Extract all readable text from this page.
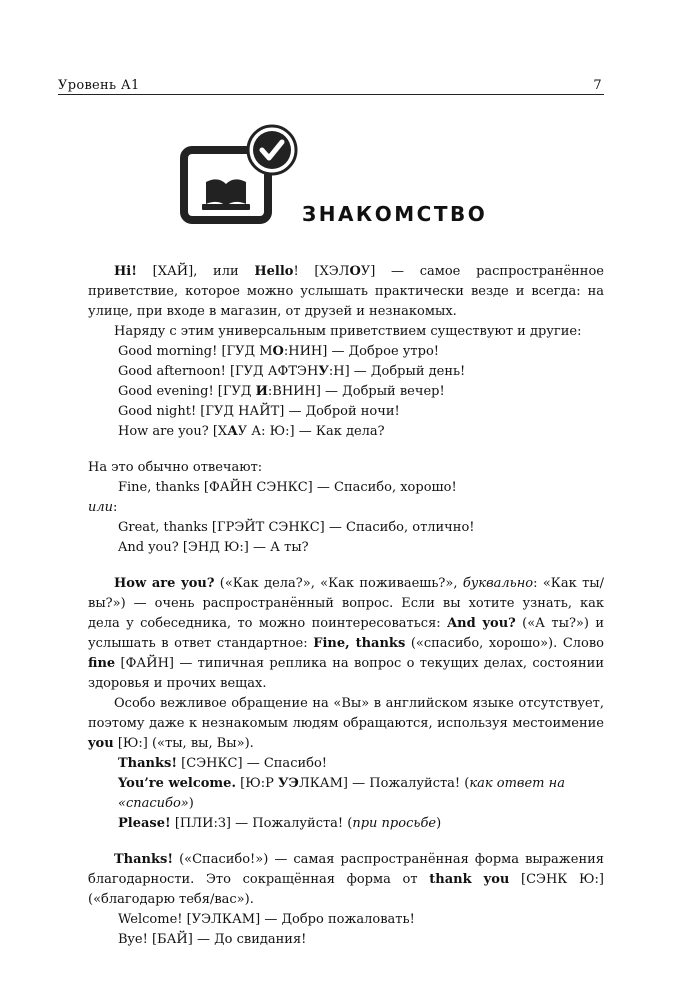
Уровень А1	7
ЗНАКОМСТВО

Hi! [ХАЙ], или Hello! [ХЭЛОУ] — самое распространённое приветствие, которое можно услышать практически везде и всегда: на улице, при входе в магазин, от друзей и незнакомых.

Наряду с этим универсальным приветствием существуют и другие:

Good morning! [ГУД МО:НИН] — Доброе утро!

Good afternoon! [ГУД АФТЭНУ:Н] — Добрый день!

Good evening! [ГУД И:ВНИН] — Добрый вечер!

Good night! [ГУД НАЙТ] — Доброй ночи!

How are you? [ХАУ А: Ю:] — Как дела?

На это обычно отвечают:

Fine, thanks [ФАЙН СЭНКС] — Спасибо, хорошо!

или:

Great, thanks [ГРЭЙТ СЭНКС] — Спасибо, отлично!

And you? [ЭНД Ю:] — А ты?

How are you? («Как дела?», «Как поживаешь?», буквально: «Как ты/вы?») — очень распространённый вопрос. Если вы хотите узнать, как дела у собеседника, то можно поинтересоваться: And you? («А ты?») и услышать в ответ стандартное: Fine, thanks («спасибо, хорошо»). Слово fine [ФАЙН] — типичная реплика на вопрос о текущих делах, состоянии здоровья и прочих вещах.

Особо вежливое обращение на «Вы» в английском языке отсутствует, поэтому даже к незнакомым людям обращаются, используя местоимение you [Ю:] («ты, вы, Вы»).

Thanks! [СЭНКС] — Спасибо!

You’re welcome. [Ю:Р УЭЛКАМ] — Пожалуйста! (как ответ на «спасибо»)

Please! [ПЛИ:З] — Пожалуйста! (при просьбе)

Thanks! («Спасибо!») — самая распространённая форма выражения благодарности. Это сокращённая форма от thank you [СЭНК Ю:] («благодарю тебя/вас»).

Welcome! [УЭЛКАМ] — Добро пожаловать!

Bye! [БАЙ] — До свидания!
